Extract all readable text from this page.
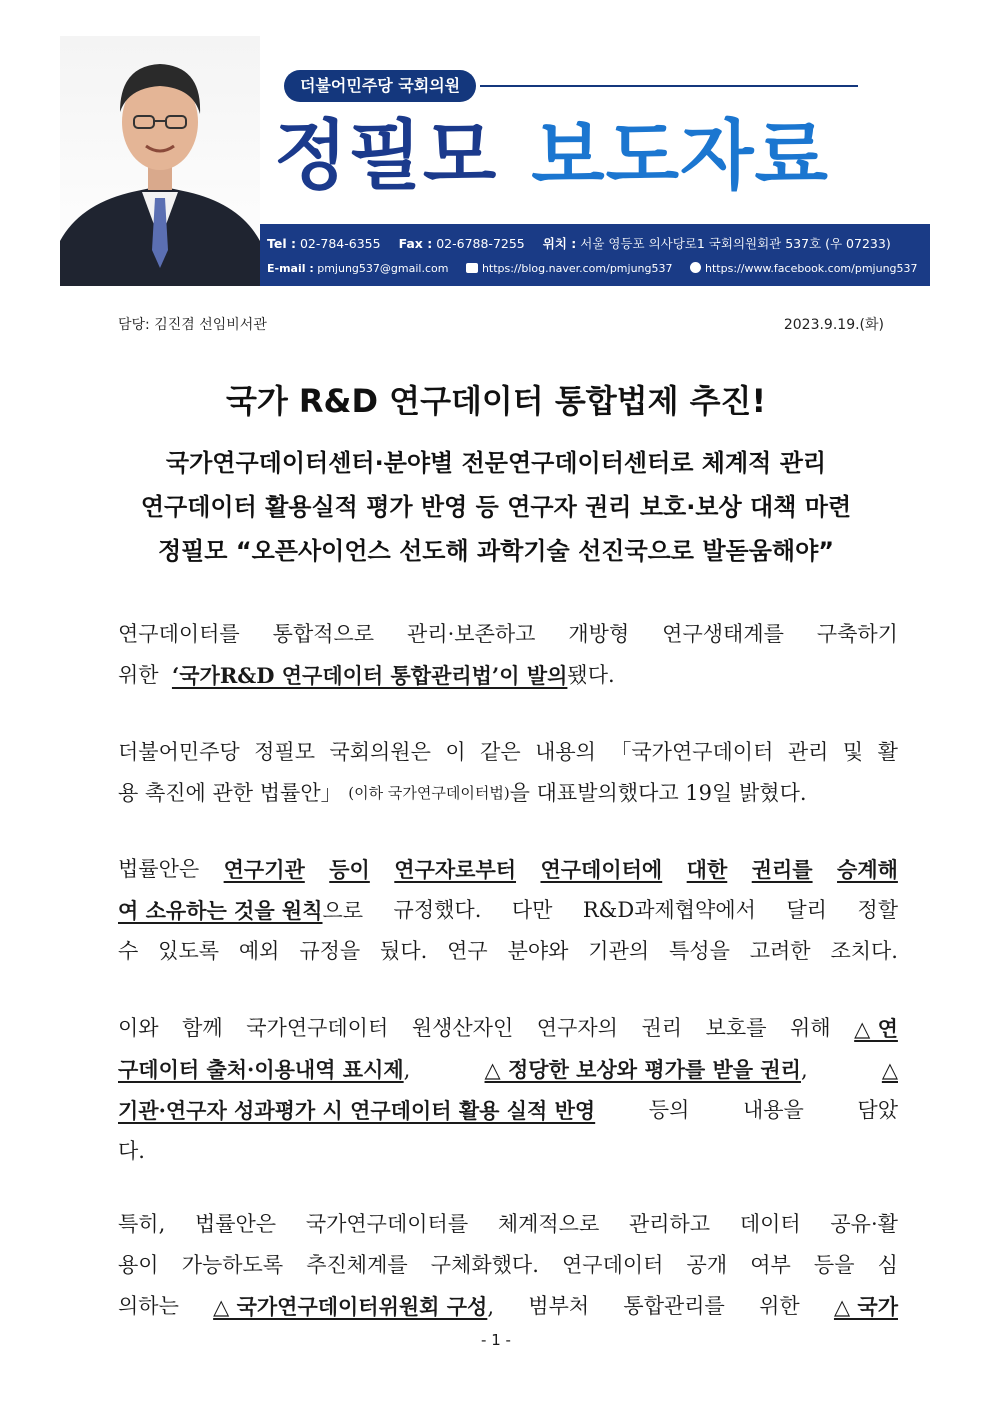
더불어민주당 국회의원
정필모 보도자료
Tel : 02-784-6355 Fax : 02-6788-7255 위치 : 서울 영등포 의사당로1 국회의원회관 537호 (우 07233)
E-mail : pmjung537@gmail.com	https://blog.naver.com/pmjung537	https://www.facebook.com/pmjung537
담당: 김진겸 선임비서관	2023.9.19.(화)
국가 R&D 연구데이터 통합법제 추진!
국가연구데이터센터·분야별 전문연구데이터센터로 체계적 관리
연구데이터 활용실적 평가 반영 등 연구자 권리 보호·보상 대책 마련
정필모 “오픈사이언스 선도해 과학기술 선진국으로 발돋움해야”
연구데이터를 통합적으로 관리·보존하고 개방형 연구생태계를 구축하기
위한
‘국가R&D 연구데이터 통합관리법’이 발의 됐다.
더불어민주당 정필모 국회의원은 이 같은 내용의 「국가연구데이터 관리 및 활
용 촉진에 관한 법률안」
(이하 국가연구데이터법) 을 대표발의했다고 19일 밝혔다.
법률안은 연구기관 등이 연구자로부터 연구데이터에 대한 권리를 승계해
여 소유하는 것을 원칙으로 규정했다. 다만 R&D과제협약에서 달리 정할
수 있도록 예외 규정을 뒀다. 연구 분야와 기관의 특성을 고려한 조치다.
이와 함께 국가연구데이터 원생산자인 연구자의 권리 보호를 위해 △ 연
구데이터 출처·이용내역 표시제,	△ 정당한 보상와 평가를 받을 권리,	△
기관·연구자 성과평가 시 연구데이터 활용 실적 반영	등의	내용을	담았
다.
특히, 법률안은 국가연구데이터를 체계적으로 관리하고 데이터 공유·활
용이 가능하도록 추진체계를 구체화했다. 연구데이터 공개 여부 등을 심
의하는 △ 국가연구데이터위원회 구성, 범부처 통합관리를 위한 △ 국가
- 1 -
